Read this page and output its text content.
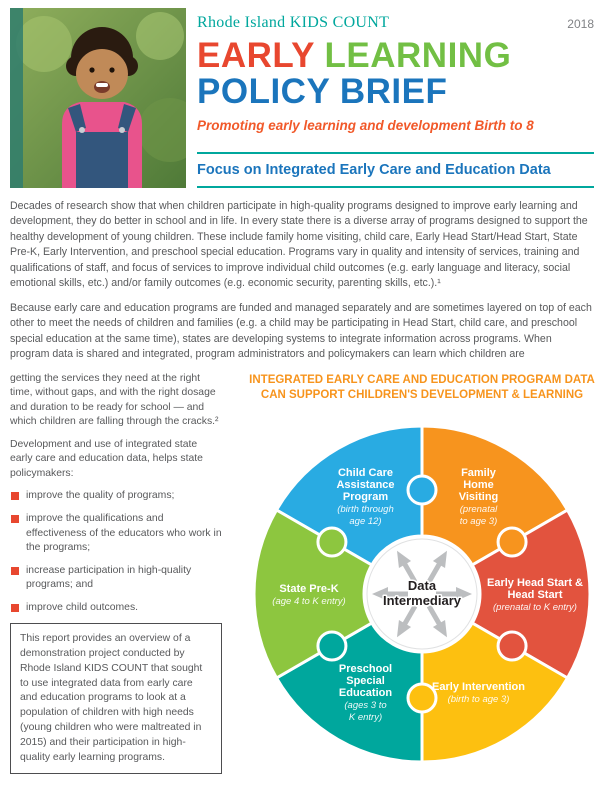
Rhode Island KIDS COUNT	2018
EARLY LEARNING
POLICY BRIEF
Promoting early learning and development Birth to 8
Focus on Integrated Early Care and Education Data

Decades of research show that when children participate in high-quality programs designed to improve early learning and development, they do better in school and in life. In every state there is a diverse array of programs designed to support the healthy development of young children. These include family home visiting, child care, Early Head Start/Head Start, State Pre-K, Early Intervention, and preschool special education. Programs vary in quality and intensity of services, training and qualifications of staff, and focus of services to improve individual child outcomes (e.g. early language and literacy, social emotional skills, etc.) and/or family outcomes (e.g. economic security, parenting skills, etc.).¹

Because early care and education programs are funded and managed separately and are sometimes layered on top of each other to meet the needs of children and families (e.g. a child may be participating in Head Start, child care, and preschool special education at the same time), states are developing systems to integrate information across programs. When program data is shared and integrated, program administrators and policymakers can learn which children are

getting the services they need at the right time, without gaps, and with the right dosage and duration to be ready for school — and which children are falling through the cracks.²

Development and use of integrated state early care and education data, helps state policymakers:

improve the quality of programs;
improve the qualifications and effectiveness of the educators who work in the programs;
increase participation in high-quality programs; and
improve child outcomes.
This report provides an overview of a demonstration project conducted by Rhode Island KIDS COUNT that sought to use integrated data from early care and education programs to look at a population of children with high needs (young children who were maltreated in 2015) and their participation in high-quality early learning programs.
INTEGRATED EARLY CARE AND EDUCATION PROGRAM DATA
CAN SUPPORT CHILDREN'S DEVELOPMENT & LEARNING
Data Intermediary
Child Care Assistance Program (birth through age 12)
Family Home Visiting (prenatal to age 3)
Early Head Start & Head Start (prenatal to K entry)
Early Intervention (birth to age 3)
Preschool Special Education (ages 3 to K entry)
State Pre-K (age 4 to K entry)
